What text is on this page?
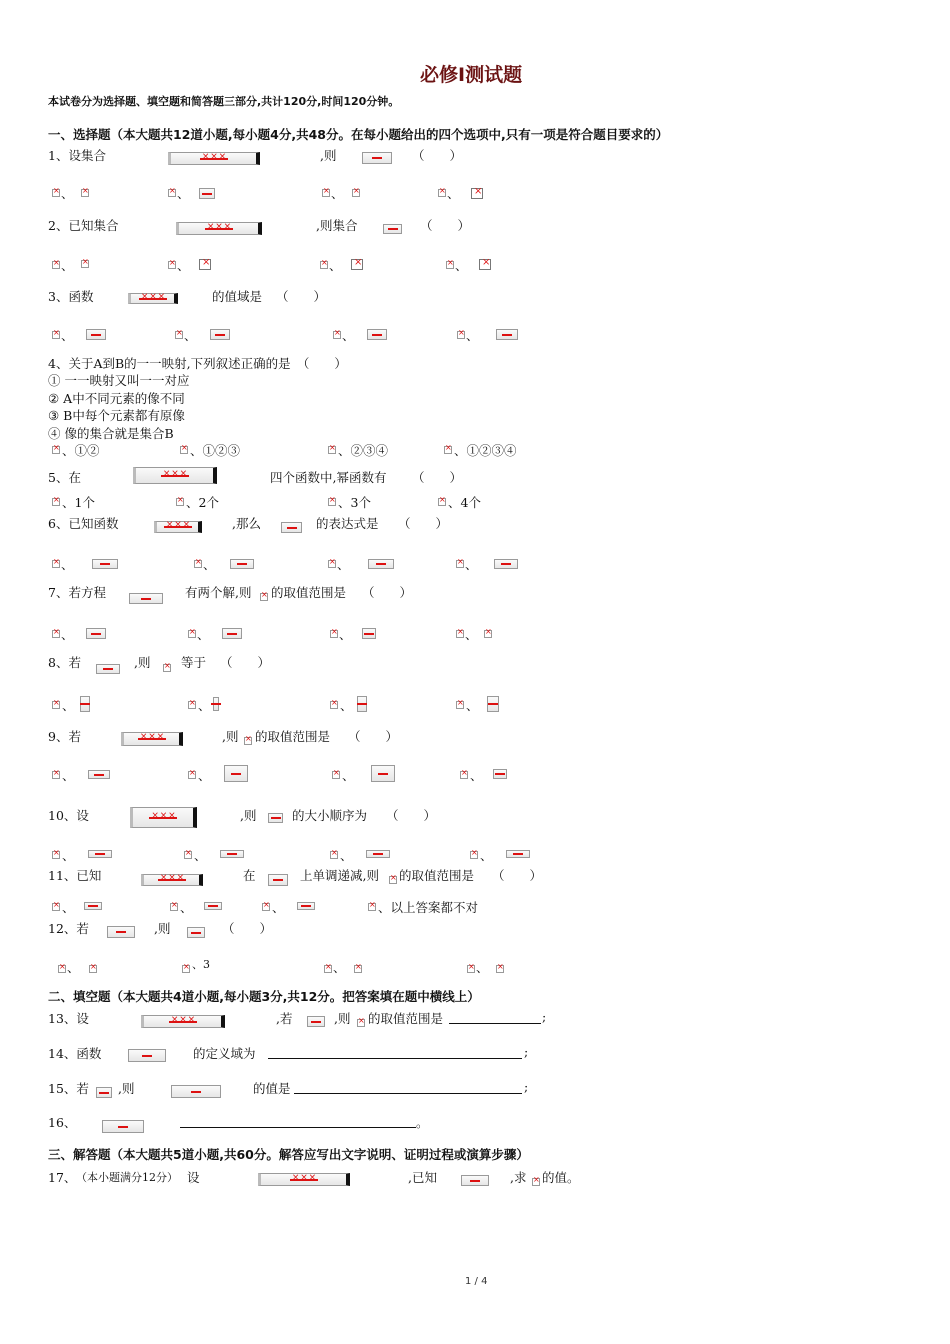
必修I测试题
本试卷分为选择题、填空题和简答题三部分,共计120分,时间120分钟。
一、选择题（本大题共12道小题,每小题4分,共48分。在每小题给出的四个选项中,只有一项是符合题目要求的）
1、设集合 × × ×	,则	（　　）
×
、 × ×	、 ×	、 × ×	、
×
2、已知集合 × × ×	,则集合	（　　）
×
、 × ×	、 × ×	、 × ×	、
×
3、函数 × × ×	的值域是 （　　）
×
、 ×	、 ×	、 ×	、
4、关于A到B的一一映射,下列叙述正确的是　（　　）
① 一一映射又叫一一对应
② A中不同元素的像不同
③ B中每个元素都有原像
④ 像的集合就是集合B
×
、①② ×	、①②③ ×	、②③④ ×	、①②③④
5、在 × × ×	四个函数中,幂函数有 （　　）
×
、1个 ×	、2个 ×	、3个 ×	、4个
6、已知函数 × × ×	,那么	的表达式是 （　　）
×
、 ×	、 ×	、 ×	、
7、若方程	有两个解,则 × 的取值范围是 （　　）
×
、 ×	、 ×	、 ×	、
×
8、若	,则 × 等于 （　　）
×
、 ×	、 ×	、 ×	、
9、若 × × ×	,则 × 的取值范围是 （　　）
×
、 ×	、 ×	、 ×	、
10、设 × × ×	,则	的大小顺序为 （　　）
×
、 ×	、 ×	、 ×	、
11、已知 × × ×	在	上单调递减,则 × 的取值范围是 （　　）
×
、 ×	、 ×	、 ×	、以上答案都不对
12、若	,则	（　　）
×
、 × ×	、3 ×	、 × ×	、
×
二、填空题（本大题共4道小题,每小题3分,共12分。把答案填在题中横线上）
13、设 × × ×	,若	,则 × 的取值范围是	;
14、函数	的定义域为	;
15、若 ,则	的值是	;
16、	。
三、解答题（本大题共5道小题,共60分。解答应写出文字说明、证明过程或演算步骤）
17、 （本小题满分12分） 设 × × ×	,已知	,求 × 的值。
1 / 4
